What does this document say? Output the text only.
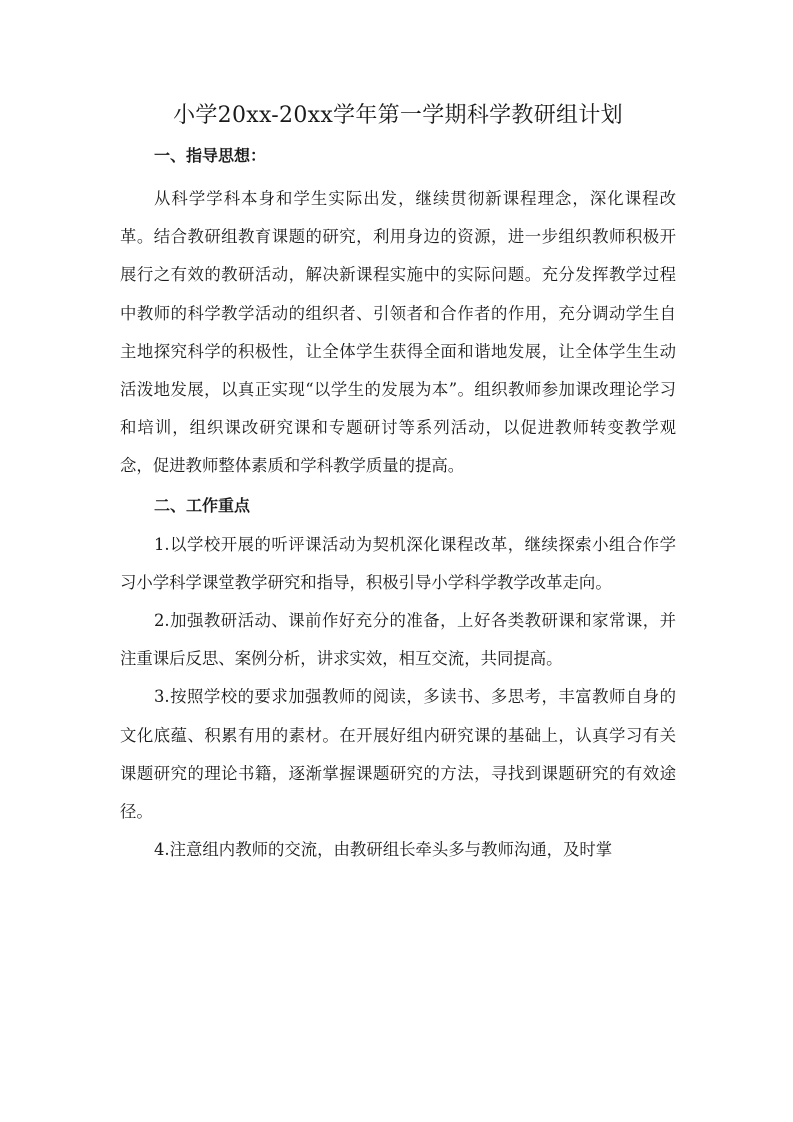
小学20xx-20xx学年第一学期科学教研组计划
一、指导思想：

从科学学科本身和学生实际出发，继续贯彻新课程理念，深化课程改革。结合教研组教育课题的研究，利用身边的资源，进一步组织教师积极开展行之有效的教研活动，解决新课程实施中的实际问题。充分发挥教学过程中教师的科学教学活动的组织者、引领者和合作者的作用，充分调动学生自主地探究科学的积极性，让全体学生获得全面和谐地发展，让全体学生生动活泼地发展，以真正实现“以学生的发展为本”。组织教师参加课改理论学习和培训，组织课改研究课和专题研讨等系列活动，以促进教师转变教学观念，促进教师整体素质和学科教学质量的提高。

二、工作重点

1.以学校开展的听评课活动为契机深化课程改革，继续探索小组合作学习小学科学课堂教学研究和指导，积极引导小学科学教学改革走向。

2.加强教研活动、课前作好充分的准备，上好各类教研课和家常课，并注重课后反思、案例分析，讲求实效，相互交流，共同提高。

3.按照学校的要求加强教师的阅读，多读书、多思考，丰富教师自身的文化底蕴、积累有用的素材。在开展好组内研究课的基础上，认真学习有关课题研究的理论书籍，逐渐掌握课题研究的方法，寻找到课题研究的有效途径。

4.注意组内教师的交流，由教研组长牵头多与教师沟通，及时掌
